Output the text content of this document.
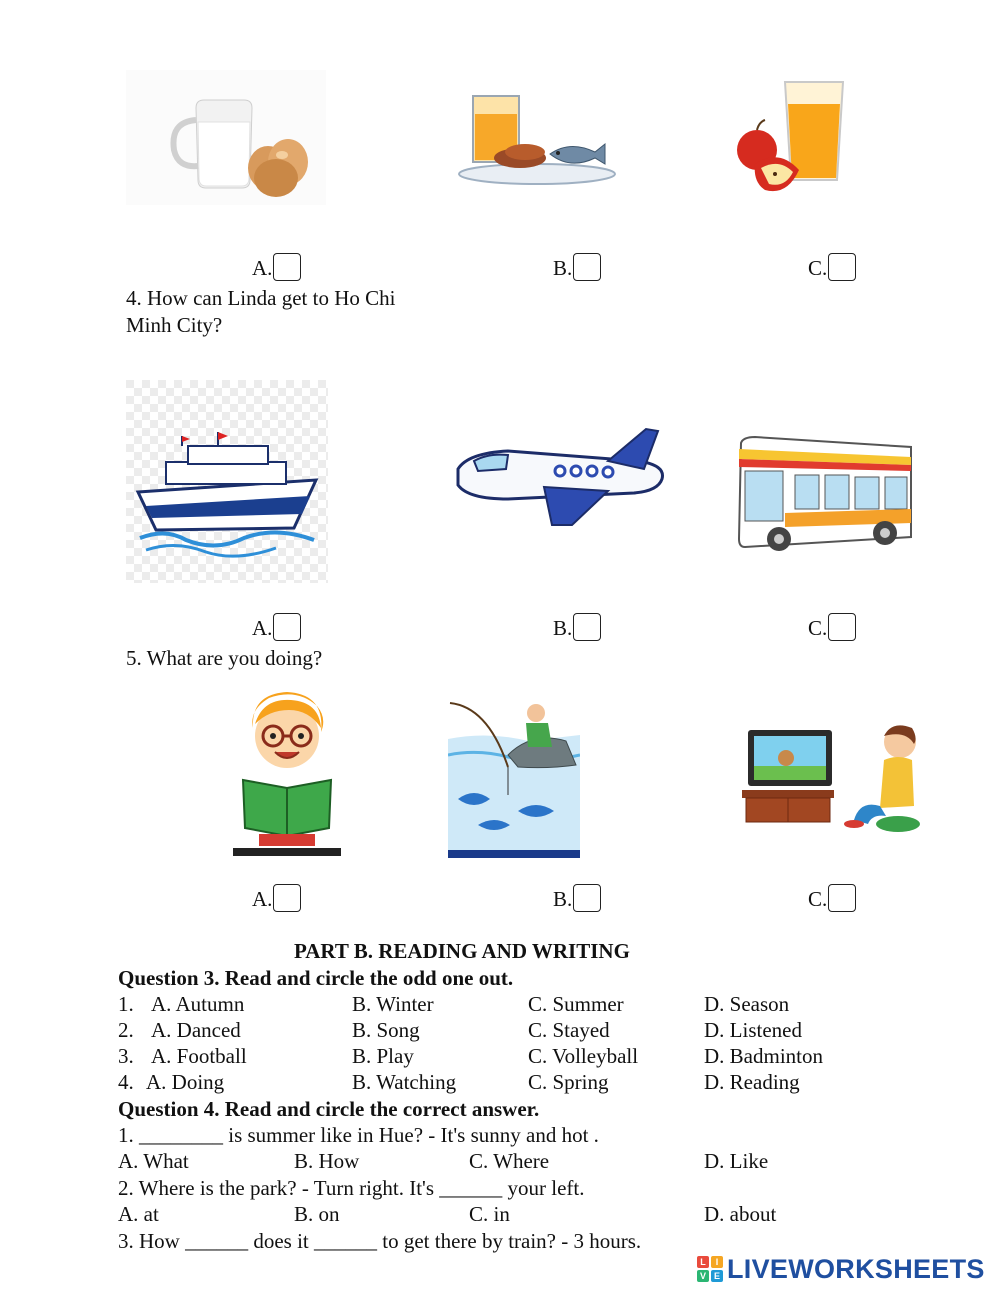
A.	B.	C.
4. How can Linda get to Ho Chi Minh City?
A.	B.	C.
5. What are you doing?
A.	B.	C.
PART B. READING AND WRITING
Question 3. Read and circle the odd one out.
1. A. Autumn	B. Winter	C. Summer	D. Season
2. A. Danced	B. Song	C. Stayed	D. Listened
3. A. Football	B. Play	C. Volleyball	D. Badminton
4. A. Doing	B. Watching	C. Spring	D. Reading
Question 4. Read and circle the correct answer.
1. ________ is summer like in Hue? - It's sunny and hot .
A. What	B. How	C. Where	D. Like
2. Where is the park? - Turn right. It's ______ your left.
A. at	B. on	C. in	D. about
3. How ______ does it ______ to get there by train? - 3 hours.
L	I
V E LIVEWORKSHEETS
